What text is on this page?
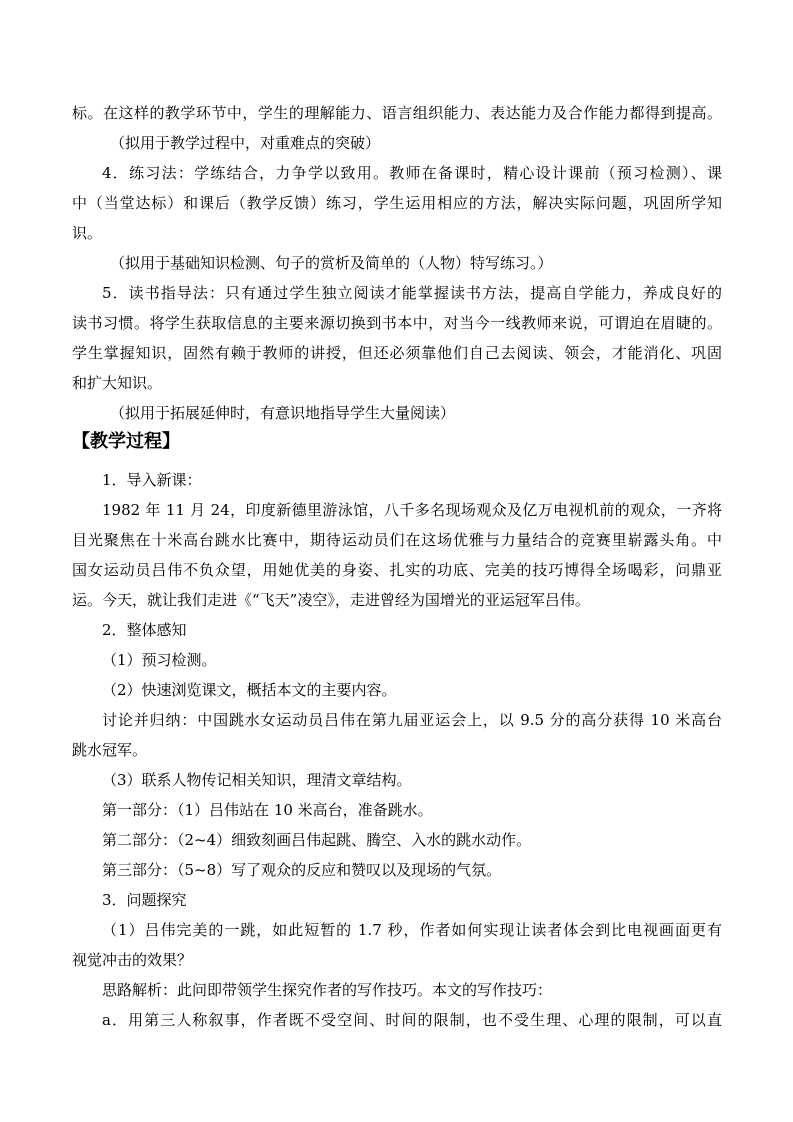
标。在这样的教学环节中，学生的理解能力、语言组织能力、表达能力及合作能力都得到提高。
（拟用于教学过程中，对重难点的突破）
4．练习法：学练结合，力争学以致用。教师在备课时，精心设计课前（预习检测）、课
中（当堂达标）和课后（教学反馈）练习，学生运用相应的方法，解决实际问题，巩固所学知
识。
（拟用于基础知识检测、句子的赏析及简单的（人物）特写练习。）
5．读书指导法：只有通过学生独立阅读才能掌握读书方法，提高自学能力，养成良好的
读书习惯。将学生获取信息的主要来源切换到书本中，对当今一线教师来说，可谓迫在眉睫的。
学生掌握知识，固然有赖于教师的讲授，但还必须靠他们自己去阅读、领会，才能消化、巩固
和扩大知识。
（拟用于拓展延伸时，有意识地指导学生大量阅读）
【教学过程】
1．导入新课：
1982 年 11 月 24，印度新德里游泳馆，八千多名现场观众及亿万电视机前的观众，一齐将
目光聚焦在十米高台跳水比赛中，期待运动员们在这场优雅与力量结合的竞赛里崭露头角。中
国女运动员吕伟不负众望，用她优美的身姿、扎实的功底、完美的技巧博得全场喝彩，问鼎亚
运。今天，就让我们走进《“飞天”凌空》，走进曾经为国增光的亚运冠军吕伟。
2．整体感知
（1）预习检测。
（2）快速浏览课文，概括本文的主要内容。
讨论并归纳：中国跳水女运动员吕伟在第九届亚运会上，以 9.5 分的高分获得 10 米高台
跳水冠军。
（3）联系人物传记相关知识，理清文章结构。
第一部分：（1）吕伟站在 10 米高台，准备跳水。
第二部分：（2~4）细致刻画吕伟起跳、腾空、入水的跳水动作。
第三部分：（5~8）写了观众的反应和赞叹以及现场的气氛。
3．问题探究
（1）吕伟完美的一跳，如此短暂的 1.7 秒，作者如何实现让读者体会到比电视画面更有
视觉冲击的效果？
思路解析：此问即带领学生探究作者的写作技巧。本文的写作技巧：
a．用第三人称叙事，作者既不受空间、时间的限制，也不受生理、心理的限制，可以直
